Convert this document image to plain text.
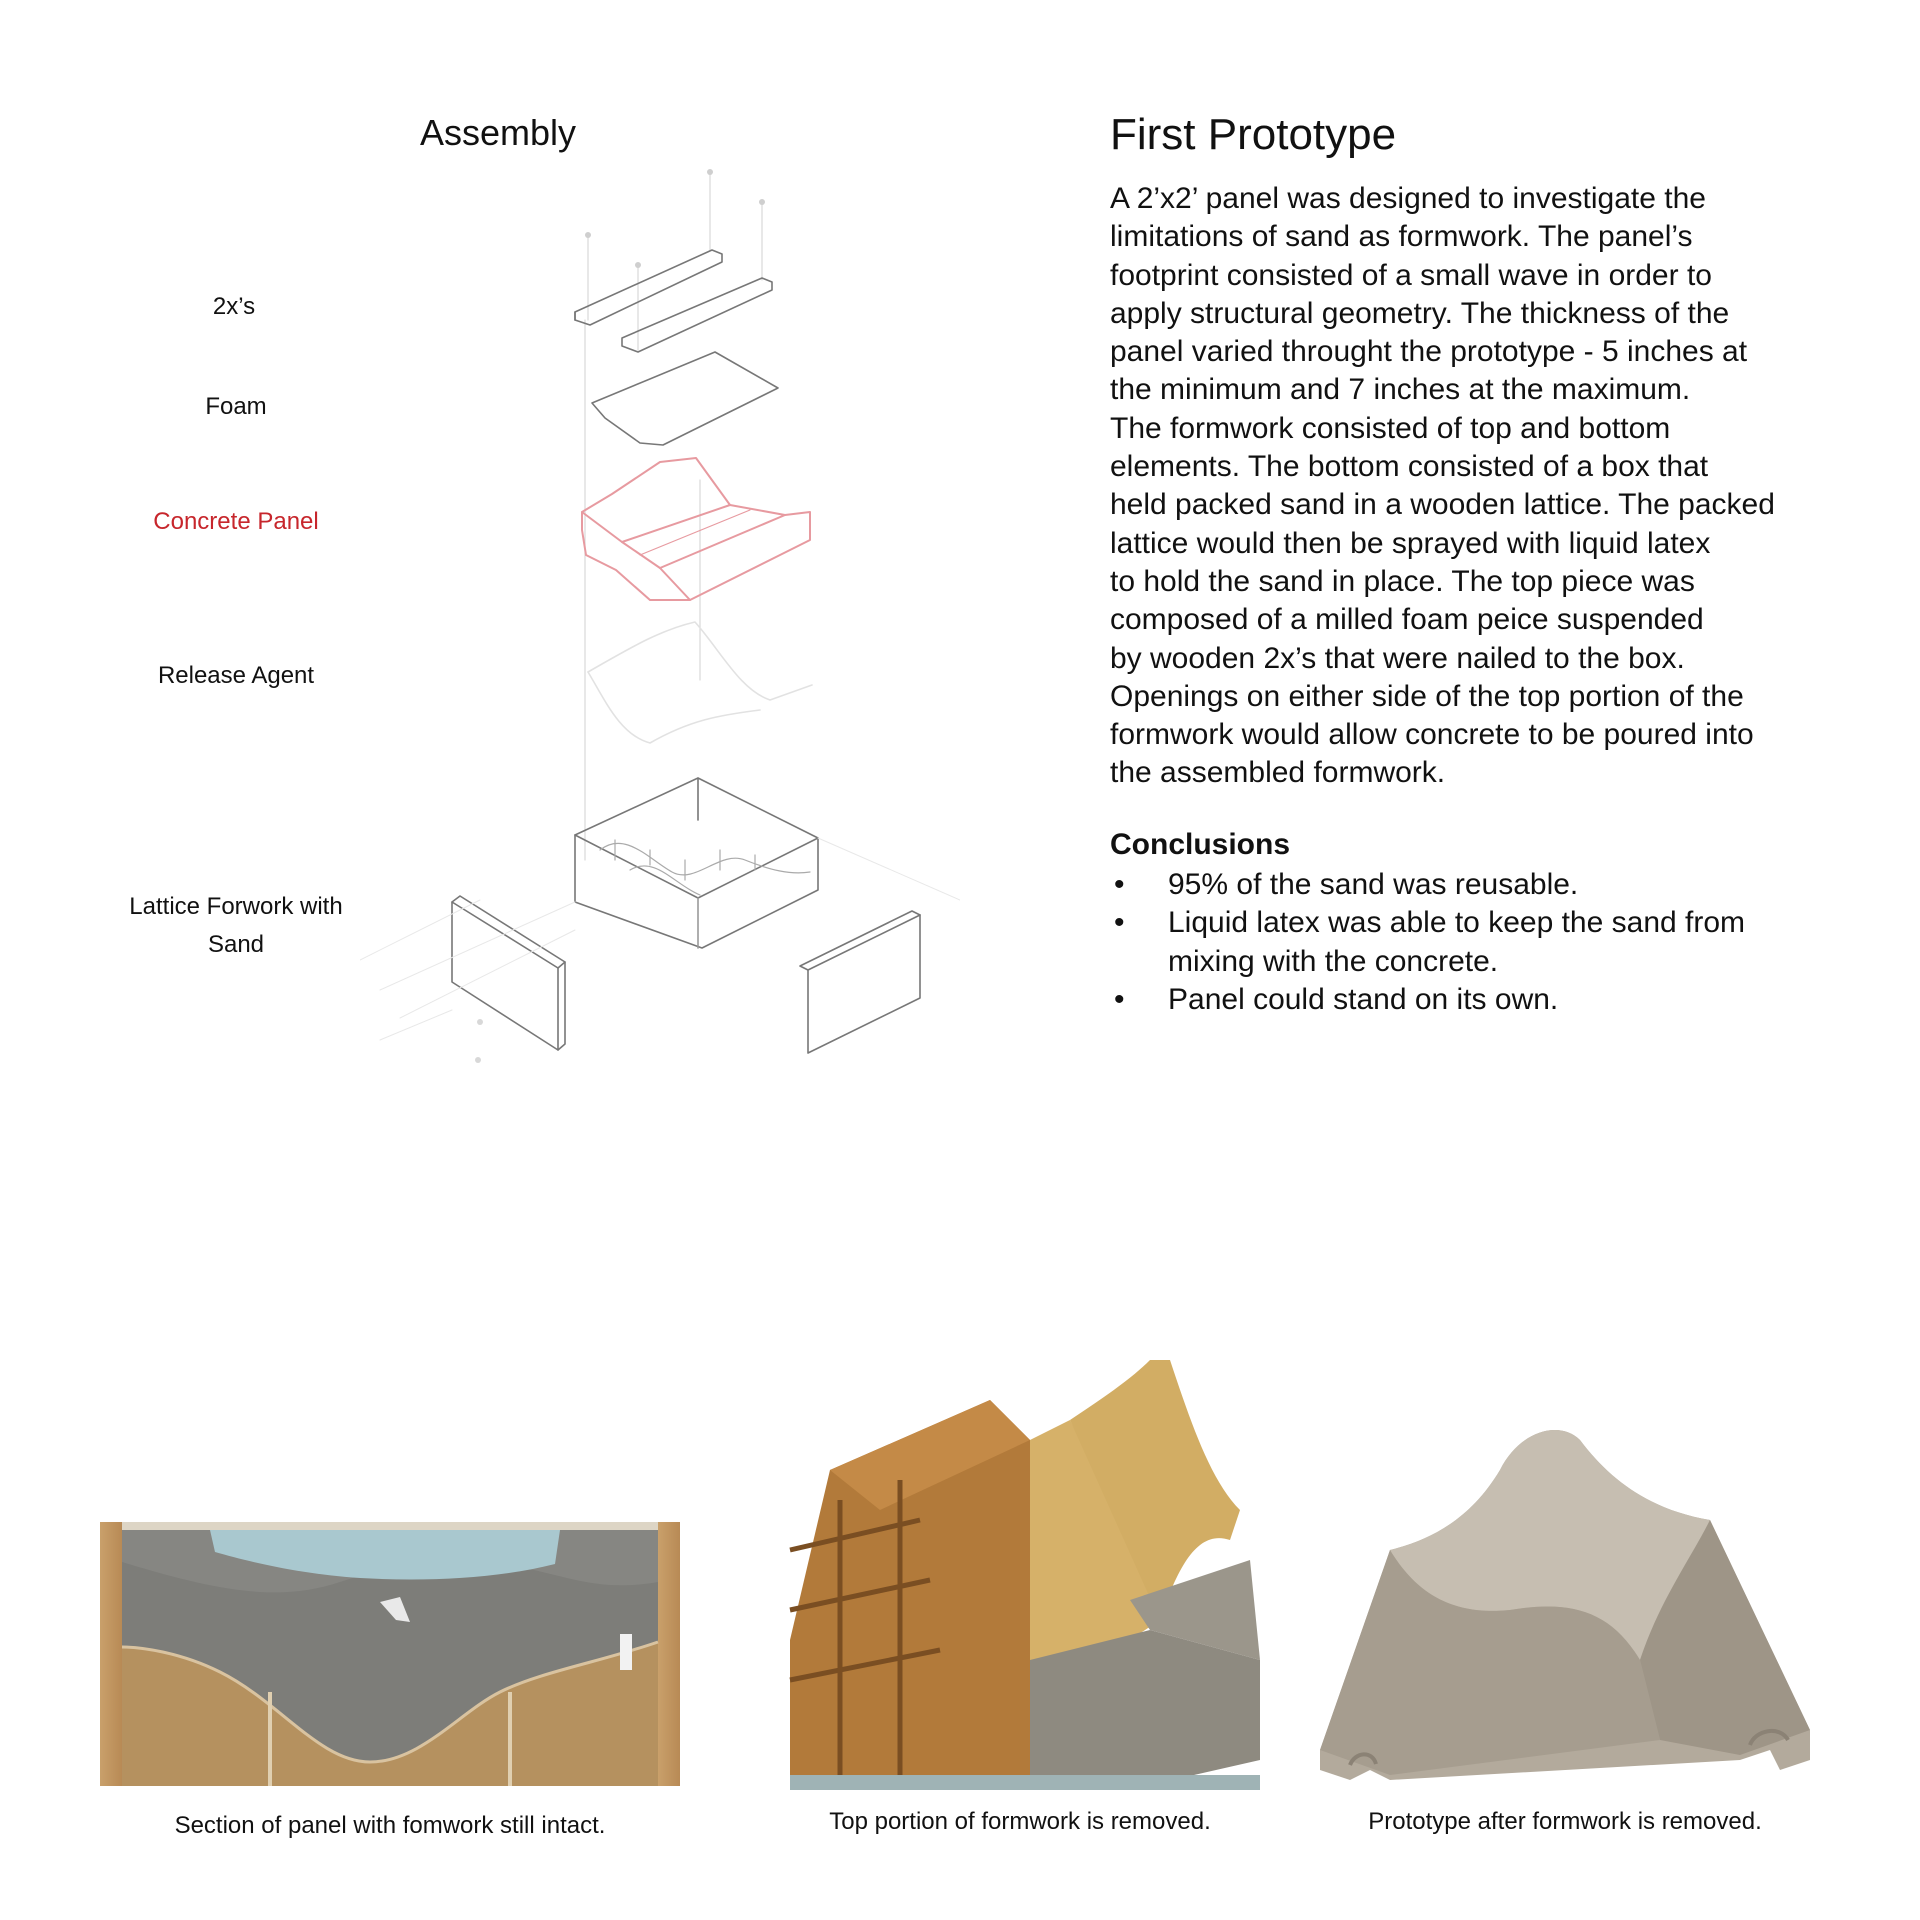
Assembly
2x’s
Foam
Concrete Panel
Release Agent
Lattice Forwork with
Sand
First Prototype
A 2’x2’ panel was designed to investigate the
limitations of sand as formwork. The panel’s
footprint consisted of a small wave in order to
apply structural geometry. The thickness of the
panel varied throught the prototype - 5 inches at
the minimum and 7 inches at the maximum.
The formwork consisted of top and bottom
elements. The bottom consisted of a box that
held packed sand in a wooden lattice. The packed
lattice would then be sprayed with liquid latex
to hold the sand in place. The top piece was
composed of a milled foam peice suspended
by wooden 2x’s that were nailed to the box.
Openings on either side of the top portion of the
formwork would allow concrete to be poured into
the assembled formwork.
Conclusions
• 95% of the sand was reusable.
• Liquid latex was able to keep the sand from mixing with the concrete.
• Panel could stand on its own.
Section of panel with fomwork still intact.	Top portion of formwork is removed.	Prototype after formwork is removed.
